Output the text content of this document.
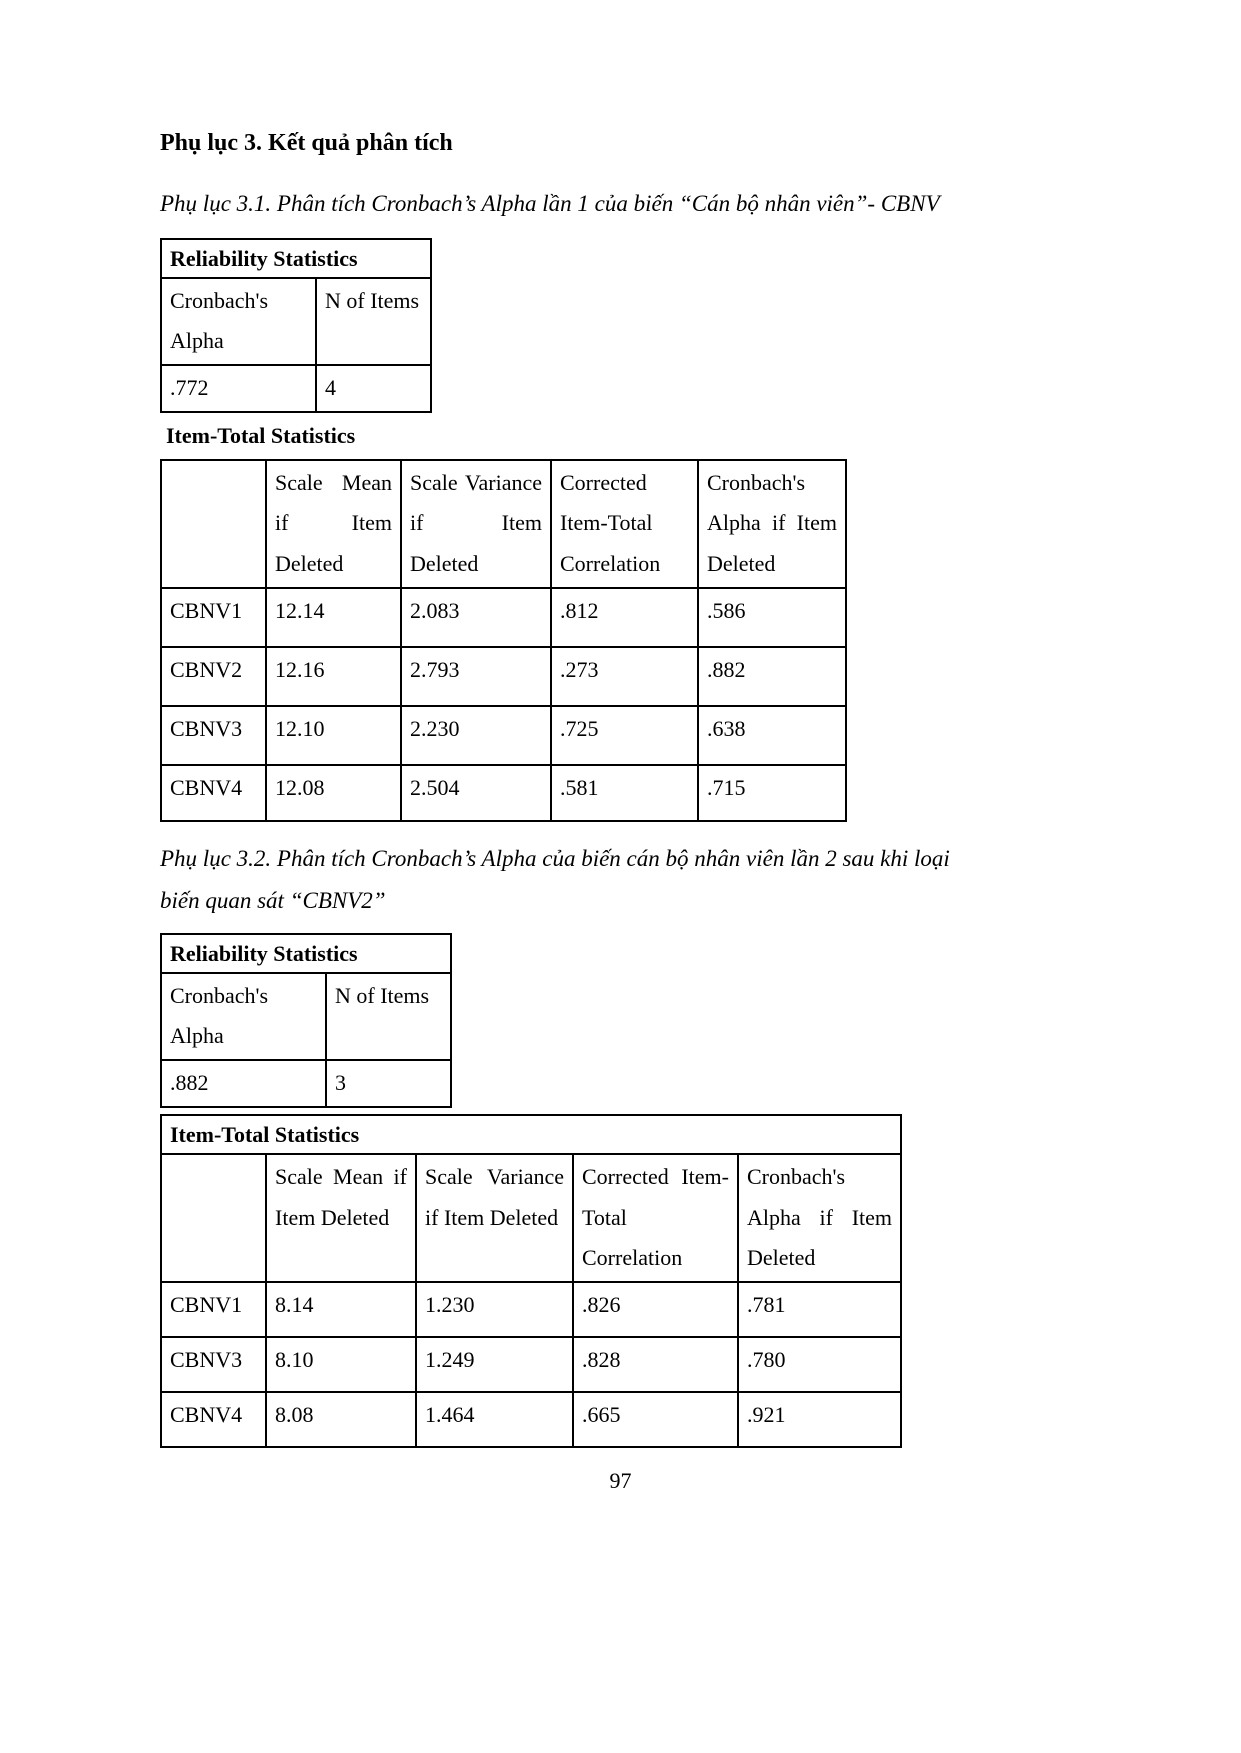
Phụ lục 3. Kết quả phân tích
Phụ lục 3.1. Phân tích Cronbach’s Alpha lần 1 của biến “Cán bộ nhân viên”- CBNV
Reliability Statistics	
Cronbach's Alpha	N of Items
.772	4
Item-Total Statistics
	Scale Mean if Item Deleted	Scale Variance if Item Deleted	Corrected Item-Total Correlation	Cronbach's Alpha if Item Deleted
CBNV1	12.14	2.083	.812	.586
CBNV2	12.16	2.793	.273	.882
CBNV3	12.10	2.230	.725	.638
CBNV4	12.08	2.504	.581	.715
Phụ lục 3.2. Phân tích Cronbach’s Alpha của biến cán bộ nhân viên lần 2 sau khi loại
biến quan sát “CBNV2”
Reliability Statistics	
Cronbach's Alpha	N of Items
.882	3
Item-Total Statistics				
	Scale Mean if Item Deleted	Scale Variance if Item Deleted	Corrected Item-Total Correlation	Cronbach's Alpha if Item Deleted
CBNV1	8.14	1.230	.826	.781
CBNV3	8.10	1.249	.828	.780
CBNV4	8.08	1.464	.665	.921
97
